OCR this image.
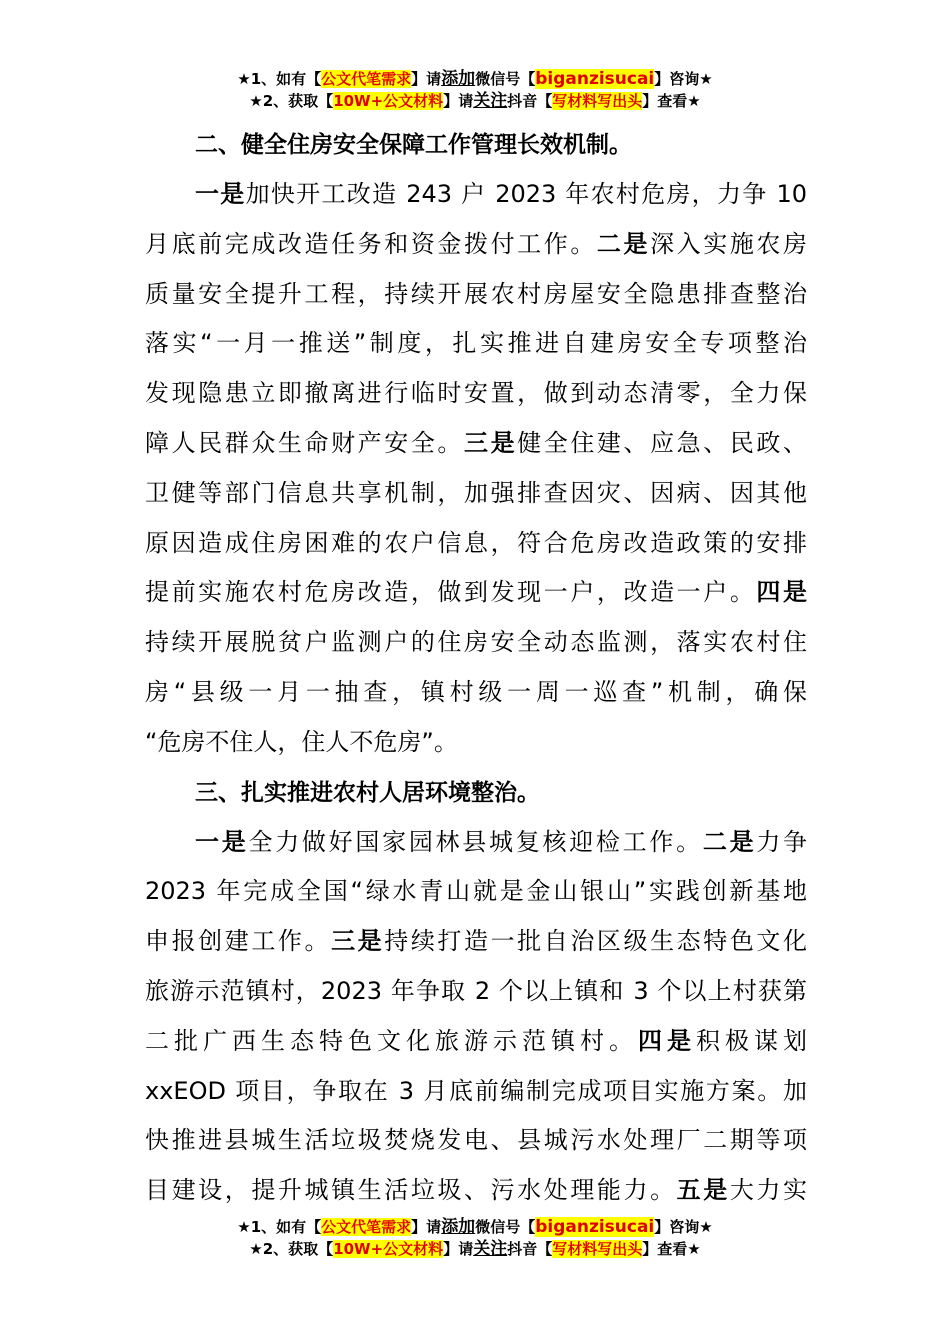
★1、如有【公文代笔需求】请添加微信号【biganzisucai】咨询★
★2、获取【10W+公文材料】请关注抖音【写材料写出头】查看★
二、健全住房安全保障工作管理长效机制。
一是加快开工改造 243 户 2023 年农村危房，力争 10
月底前完成改造任务和资金拨付工作。二是深入实施农房
质量安全提升工程，持续开展农村房屋安全隐患排查整治
落实“一月一推送”制度，扎实推进自建房安全专项整治
发现隐患立即撤离进行临时安置，做到动态清零，全力保
障人民群众生命财产安全。三是健全住建、应急、民政、
卫健等部门信息共享机制，加强排查因灾、因病、因其他
原因造成住房困难的农户信息，符合危房改造政策的安排
提前实施农村危房改造，做到发现一户，改造一户。四是
持续开展脱贫户监测户的住房安全动态监测，落实农村住
房“县级一月一抽查，镇村级一周一巡查”机制，确保
“危房不住人，住人不危房”。
三、扎实推进农村人居环境整治。
一是全力做好国家园林县城复核迎检工作。二是力争
2023 年完成全国“绿水青山就是金山银山”实践创新基地
申报创建工作。三是持续打造一批自治区级生态特色文化
旅游示范镇村，2023 年争取 2 个以上镇和 3 个以上村获第
二批广西生态特色文化旅游示范镇村。四是积极谋划
xxEOD 项目，争取在 3 月底前编制完成项目实施方案。加
快推进县城生活垃圾焚烧发电、县城污水处理厂二期等项
目建设，提升城镇生活垃圾、污水处理能力。五是大力实
★1、如有【公文代笔需求】请添加微信号【biganzisucai】咨询★
★2、获取【10W+公文材料】请关注抖音【写材料写出头】查看★
